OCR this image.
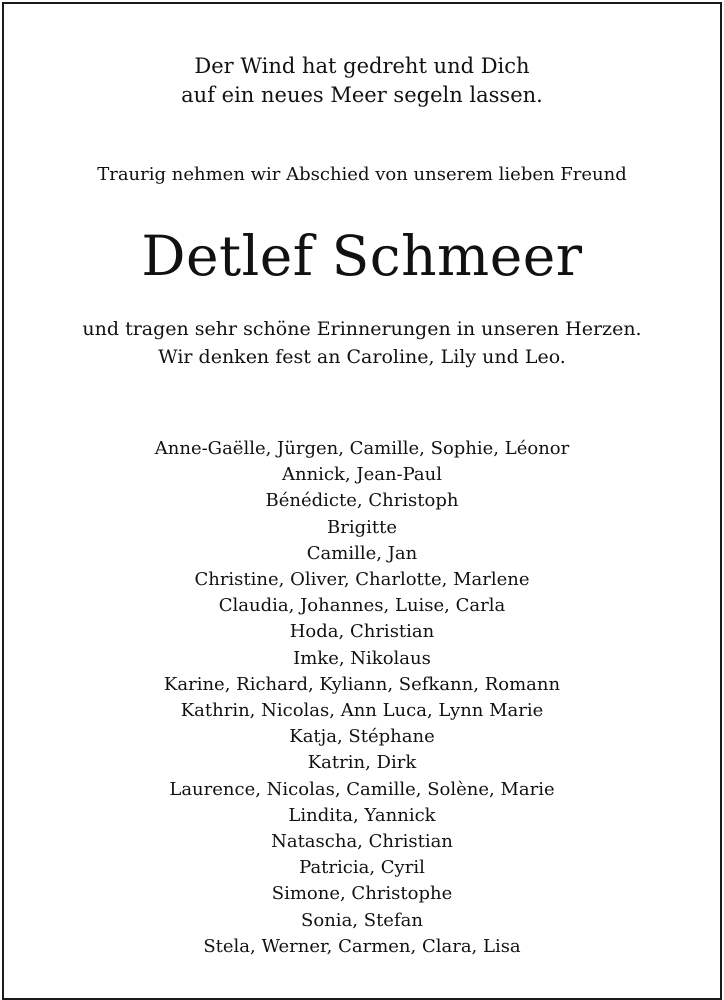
Der Wind hat gedreht und Dich
auf ein neues Meer segeln lassen.
Traurig nehmen wir Abschied von unserem lieben Freund
Detlef Schmeer
und tragen sehr schöne Erinnerungen in unseren Herzen.
Wir denken fest an Caroline, Lily und Leo.
Anne-Gaëlle, Jürgen, Camille, Sophie, Léonor
Annick, Jean-Paul
Bénédicte, Christoph
Brigitte
Camille, Jan
Christine, Oliver, Charlotte, Marlene
Claudia, Johannes, Luise, Carla
Hoda, Christian
Imke, Nikolaus
Karine, Richard, Kyliann, Sefkann, Romann
Kathrin, Nicolas, Ann Luca, Lynn Marie
Katja, Stéphane
Katrin, Dirk
Laurence, Nicolas, Camille, Solène, Marie
Lindita, Yannick
Natascha, Christian
Patricia, Cyril
Simone, Christophe
Sonia, Stefan
Stela, Werner, Carmen, Clara, Lisa
